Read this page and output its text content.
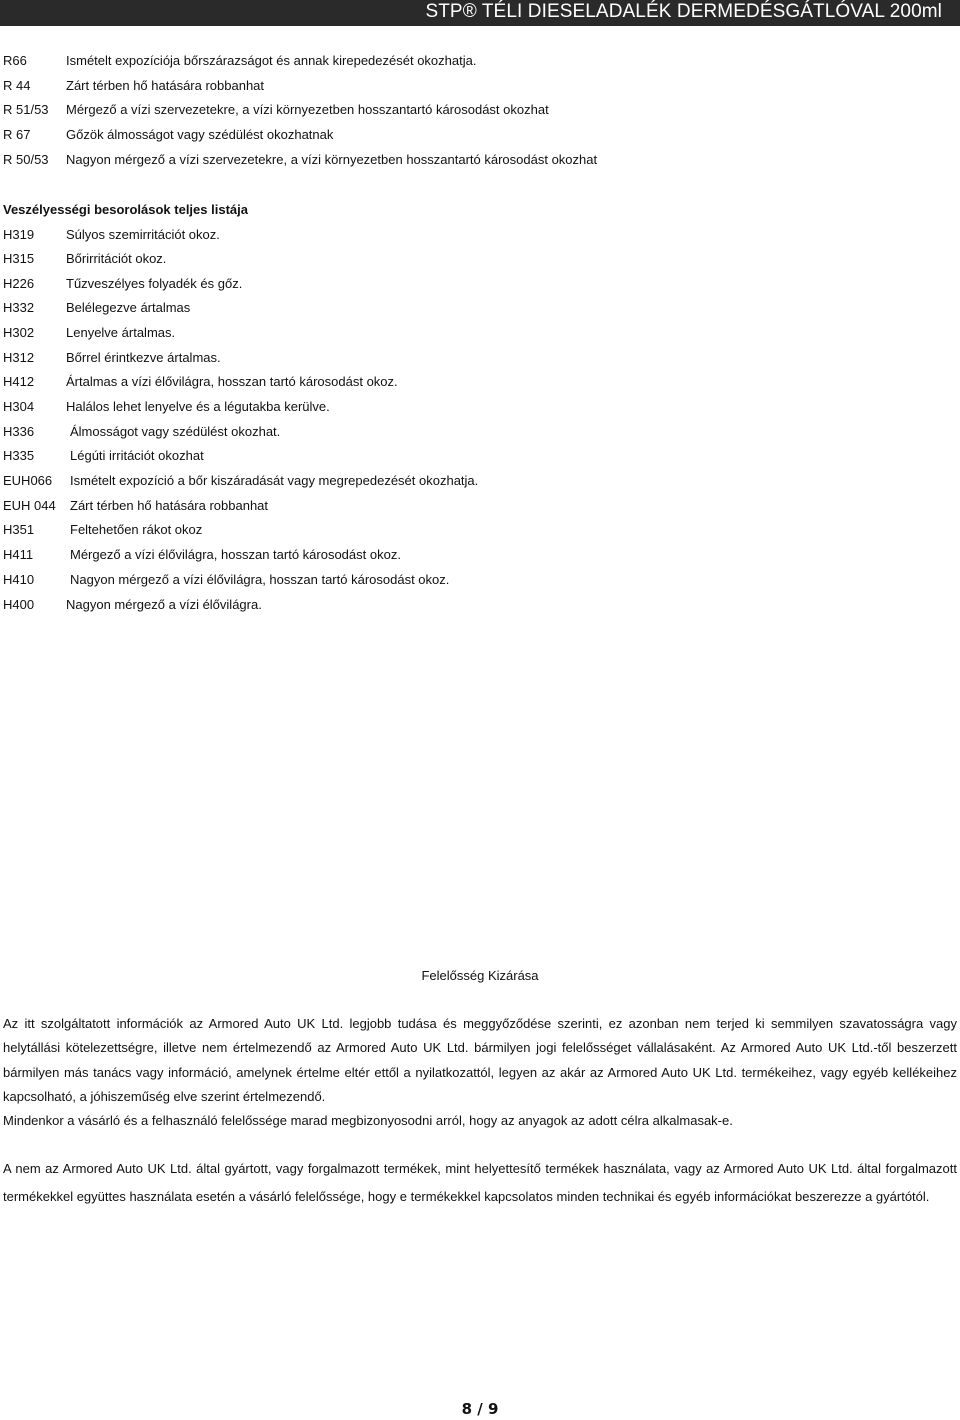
STP® TÉLI DIESELADALÉK DERMEDÉSGÁTLÓVAL 200ml
R66	Ismételt expozíciója bőrszárazságot és annak kirepedezését okozhatja.
R 44	Zárt térben hő hatására robbanhat
R 51/53 Mérgező a vízi szervezetekre, a vízi környezetben hosszantartó károsodást okozhat
R 67	Gőzök álmosságot vagy szédülést okozhatnak
R 50/53 Nagyon mérgező a vízi szervezetekre, a vízi környezetben hosszantartó károsodást okozhat
Veszélyességi besorolások teljes listája
H319 Súlyos szemirritációt okoz.
H315 Bőrirritációt okoz.
H226 Tűzveszélyes folyadék és gőz.
H332 Belélegezve ártalmas
H302 Lenyelve ártalmas.
H312 Bőrrel érintkezve ártalmas.
H412 Ártalmas a vízi élővilágra, hosszan tartó károsodást okoz.
H304 Halálos lehet lenyelve és a légutakba kerülve.
H336	Álmosságot vagy szédülést okozhat.
H335	Légúti irritációt okozhat
EUH066 Ismételt expozíció a bőr kiszáradását vagy megrepedezését okozhatja.
EUH 044 Zárt térben hő hatására robbanhat
H351	Feltehetően rákot okoz
H411	Mérgező a vízi élővilágra, hosszan tartó károsodást okoz.
H410	Nagyon mérgező a vízi élővilágra, hosszan tartó károsodást okoz.
H400 Nagyon mérgező a vízi élővilágra.
Felelősség Kizárása
Az itt szolgáltatott információk az Armored Auto UK Ltd. legjobb tudása és meggyőződése szerinti, ez azonban nem terjed ki semmilyen szavatosságra vagy helytállási kötelezettségre, illetve nem értelmezendő az Armored Auto UK Ltd. bármilyen jogi felelősséget vállalásaként. Az Armored Auto UK Ltd.-től beszerzett bármilyen más tanács vagy információ, amelynek értelme eltér ettől a nyilatkozattól, legyen az akár az Armored Auto UK Ltd. termékeihez, vagy egyéb kellékeihez kapcsolható, a jóhiszeműség elve szerint értelmezendő.
Mindenkor a vásárló és a felhasználó felelőssége marad megbizonyosodni arról, hogy az anyagok az adott célra alkalmasak-e.
A nem az Armored Auto UK Ltd. által gyártott, vagy forgalmazott termékek, mint helyettesítő termékek használata, vagy az Armored Auto UK Ltd. által forgalmazott termékekkel együttes használata esetén a vásárló felelőssége, hogy e termékekkel kapcsolatos minden technikai és egyéb információkat beszerezze a gyártótól.
8 / 9
